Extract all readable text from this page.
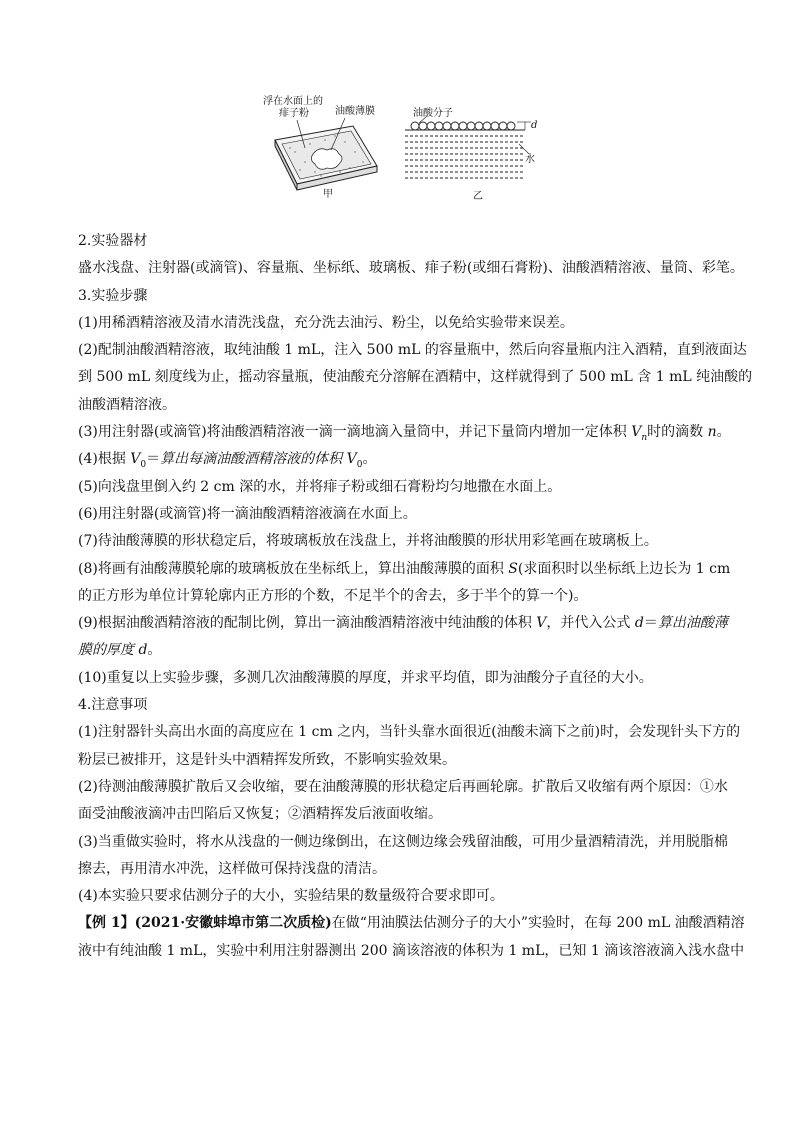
浮在水面上的
痱子粉	油酸薄膜
甲
油酸分子
d
水
乙
2.实验器材
盛水浅盘、注射器(或滴管)、容量瓶、坐标纸、玻璃板、痱子粉(或细石膏粉)、油酸酒精溶液、量筒、彩笔。
3.实验步骤
(1)用稀酒精溶液及清水清洗浅盘，充分洗去油污、粉尘，以免给实验带来误差。
(2)配制油酸酒精溶液，取纯油酸 1 mL，注入 500 mL 的容量瓶中，然后向容量瓶内注入酒精，直到液面达
到 500 mL 刻度线为止，摇动容量瓶，使油酸充分溶解在酒精中，这样就得到了 500 mL 含 1 mL 纯油酸的
油酸酒精溶液。
(3)用注射器(或滴管)将油酸酒精溶液一滴一滴地滴入量筒中，并记下量筒内增加一定体积 $V_n$时的滴数 n。
(4)根据 $V_0=$算出每滴油酸酒精溶液的体积 $V_0$。
(5)向浅盘里倒入约 2 cm 深的水，并将痱子粉或细石膏粉均匀地撒在水面上。
(6)用注射器(或滴管)将一滴油酸酒精溶液滴在水面上。
(7)待油酸薄膜的形状稳定后，将玻璃板放在浅盘上，并将油酸膜的形状用彩笔画在玻璃板上。
(8)将画有油酸薄膜轮廓的玻璃板放在坐标纸上，算出油酸薄膜的面积 S(求面积时以坐标纸上边长为 1 cm
的正方形为单位计算轮廓内正方形的个数，不足半个的舍去，多于半个的算一个)。
(9)根据油酸酒精溶液的配制比例，算出一滴油酸酒精溶液中纯油酸的体积 V，并代入公式 d＝算出油酸薄
膜的厚度 d。
(10)重复以上实验步骤，多测几次油酸薄膜的厚度，并求平均值，即为油酸分子直径的大小。
4.注意事项
(1)注射器针头高出水面的高度应在 1 cm 之内，当针头靠水面很近(油酸未滴下之前)时，会发现针头下方的
粉层已被排开，这是针头中酒精挥发所致，不影响实验效果。
(2)待测油酸薄膜扩散后又会收缩，要在油酸薄膜的形状稳定后再画轮廓。扩散后又收缩有两个原因：①水
面受油酸液滴冲击凹陷后又恢复；②酒精挥发后液面收缩。
(3)当重做实验时，将水从浅盘的一侧边缘倒出，在这侧边缘会残留油酸，可用少量酒精清洗，并用脱脂棉
擦去，再用清水冲洗，这样做可保持浅盘的清洁。
(4)本实验只要求估测分子的大小，实验结果的数量级符合要求即可。
【例 1】(2021·安徽蚌埠市第二次质检)在做“用油膜法估测分子的大小”实验时，在每 200 mL 油酸酒精溶
液中有纯油酸 1 mL，实验中利用注射器测出 200 滴该溶液的体积为 1 mL，已知 1 滴该溶液滴入浅水盘中
